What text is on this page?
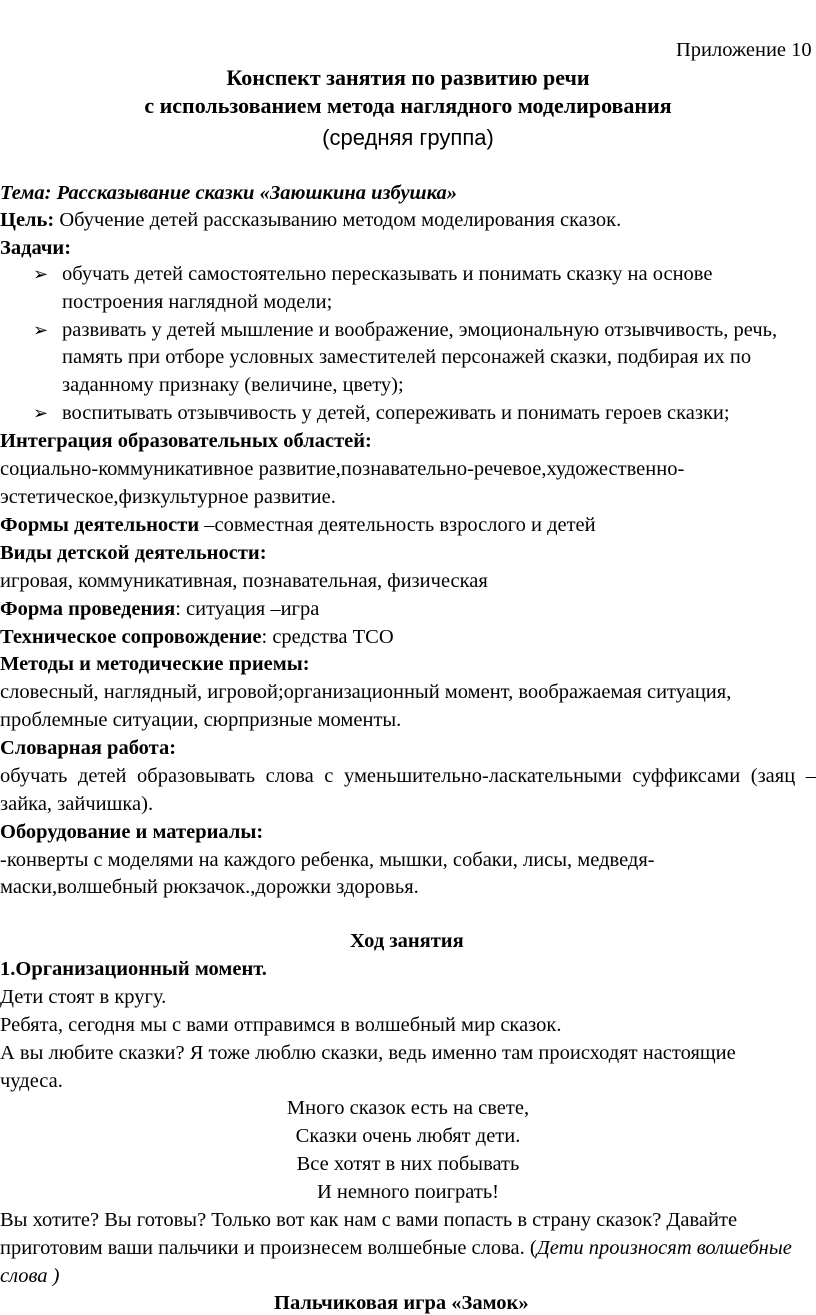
Приложение 10
Конспект занятия по развитию речи
с использованием метода наглядного моделирования
(средняя группа)
Тема: Рассказывание сказки «Заюшкина избушка»
Цель: Обучение детей рассказыванию методом моделирования сказок.
Задачи:
➢ обучать детей самостоятельно пересказывать и понимать сказку на основе
построения наглядной модели;
➢ развивать у детей мышление и воображение, эмоциональную отзывчивость, речь,
память при отборе условных заместителей персонажей сказки, подбирая их по
заданному признаку (величине, цвету);
➢ воспитывать отзывчивость у детей, сопереживать и понимать героев сказки;
Интеграция образовательных областей:
социально-коммуникативное развитие,познавательно-речевое,художественно-
эстетическое,физкультурное развитие.
Формы деятельности –совместная деятельность взрослого и детей
Виды детской деятельности:
игровая, коммуникативная, познавательная, физическая
Форма проведения: ситуация –игра
Техническое сопровождение: средства ТСО
Методы и методические приемы:
словесный, наглядный, игровой;организационный момент, воображаемая ситуация,
проблемные ситуации, сюрпризные моменты.
Словарная работа:
обучать детей образовывать слова с уменьшительно-ласкательными суффиксами (заяц –
зайка, зайчишка).
Оборудование и материалы:
-конверты с моделями на каждого ребенка, мышки, собаки, лисы, медведя-
маски,волшебный рюкзачок.,дорожки здоровья.
Ход занятия
1.Организационный момент.
Дети стоят в кругу.
Ребята, сегодня мы с вами отправимся в волшебный мир сказок.
А вы любите сказки? Я тоже люблю сказки, ведь именно там происходят настоящие
чудеса.
Много сказок есть на свете,
Сказки очень любят дети.
Все хотят в них побывать
И немного поиграть!
Вы хотите? Вы готовы? Только вот как нам с вами попасть в страну сказок? Давайте
приготовим ваши пальчики и произнесем волшебные слова. (Дети произносят волшебные
слова )
Пальчиковая игра «Замок»
